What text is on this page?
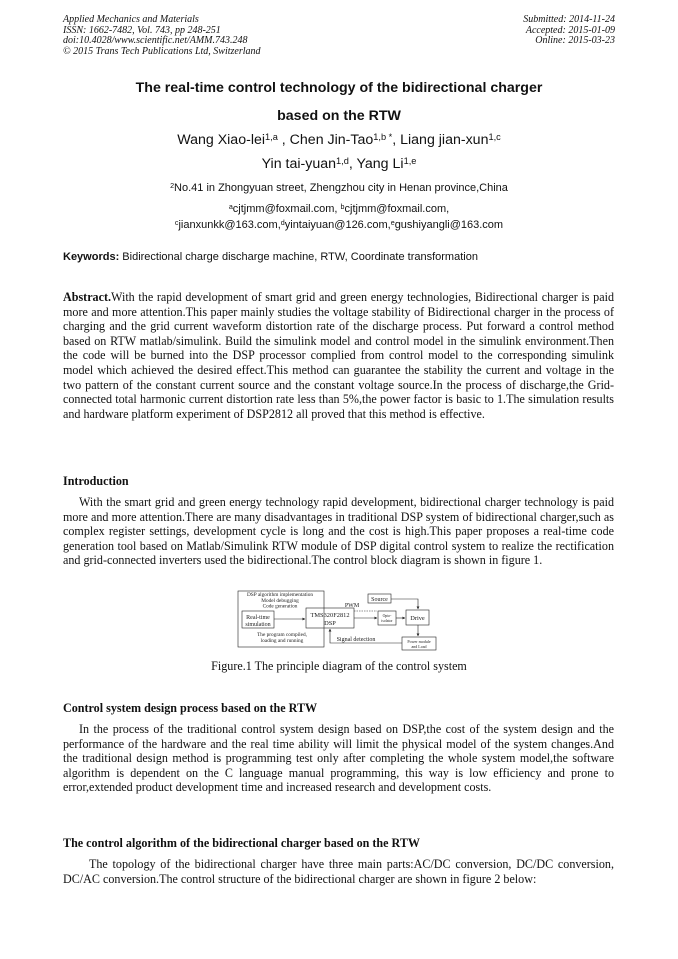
Applied Mechanics and Materials
ISSN: 1662-7482, Vol. 743, pp 248-251
doi:10.4028/www.scientific.net/AMM.743.248
© 2015 Trans Tech Publications Ltd, Switzerland
Submitted: 2014-11-24
Accepted: 2015-01-09
Online: 2015-03-23
The real-time control technology of the bidirectional charger
based on the RTW
Wang Xiao-lei$^{1,a}$ , Chen Jin-Tao$^{1,b *}$, Liang jian-xun$^{1,c}$
Yin tai-yuan$^{1,d}$, Yang Li$^{1,e}$
$^2$No.41 in Zhongyuan street, Zhengzhou city in Henan province,China
$^a$cjtjmm@foxmail.com, $^b$cjtjmm@foxmail.com,
$^c$jianxunkk@163.com,$^d$yintaiyuan@126.com,$^e$gushiyangli@163.com
Keywords: Bidirectional charge discharge machine, RTW, Coordinate transformation
Abstract.With the rapid development of smart grid and green energy technologies, Bidirectional charger is paid more and more attention.This paper mainly studies the voltage stability of Bidirectional charger in the process of charging and the grid current waveform distortion rate of the discharge process. Put forward a control method based on RTW matlab/simulink. Build the simulink model and control model in the simulink environment.Then the code will be burned into the DSP processor complied from control model to the corresponding simulink model which achieved the desired effect.This method can guarantee the stability the current and voltage in the two pattern of the constant current source and the constant voltage source.In the process of discharge,the Grid-connected total harmonic current distortion rate less than 5%,the power factor is basic to 1.The simulation results and hardware platform experiment of DSP2812 all proved that this method is effective.
Introduction
With the smart grid and green energy technology rapid development, bidirectional charger technology is paid more and more attention.There are many disadvantages in traditional DSP system of bidirectional charger,such as complex register settings, development cycle is long and the cost is high.This paper proposes a real-time code generation tool based on Matlab/Simulink RTW module of DSP digital control system to realize the rectification and grid-connected inverters used the bidirectional.The control block diagram is shown in figure 1.
DSP algorithm implementation
Model debugging
Code generation
Real-time
simulation
TMS320F2812
DSP
PWM
Source
Opto-
isolator	Drive
The program compiled,
loading and running	Signal detection	Power module
and Load
Figure.1 The principle diagram of the control system
Control system design process based on the RTW
In the process of the traditional control system design based on DSP,the cost of the system design and the performance of the hardware and the real time ability will limit the physical model of the system changes.And the traditional design method is programming test only after completing the whole system model,the software algorithm is dependent on the C language manual programming, this way is low efficiency and prone to error,extended product development time and increased research and development costs.
The control algorithm of the bidirectional charger based on the RTW
The topology of the bidirectional charger have three main parts:AC/DC conversion, DC/DC conversion, DC/AC conversion.The control structure of the bidirectional charger are shown in figure 2 below:
